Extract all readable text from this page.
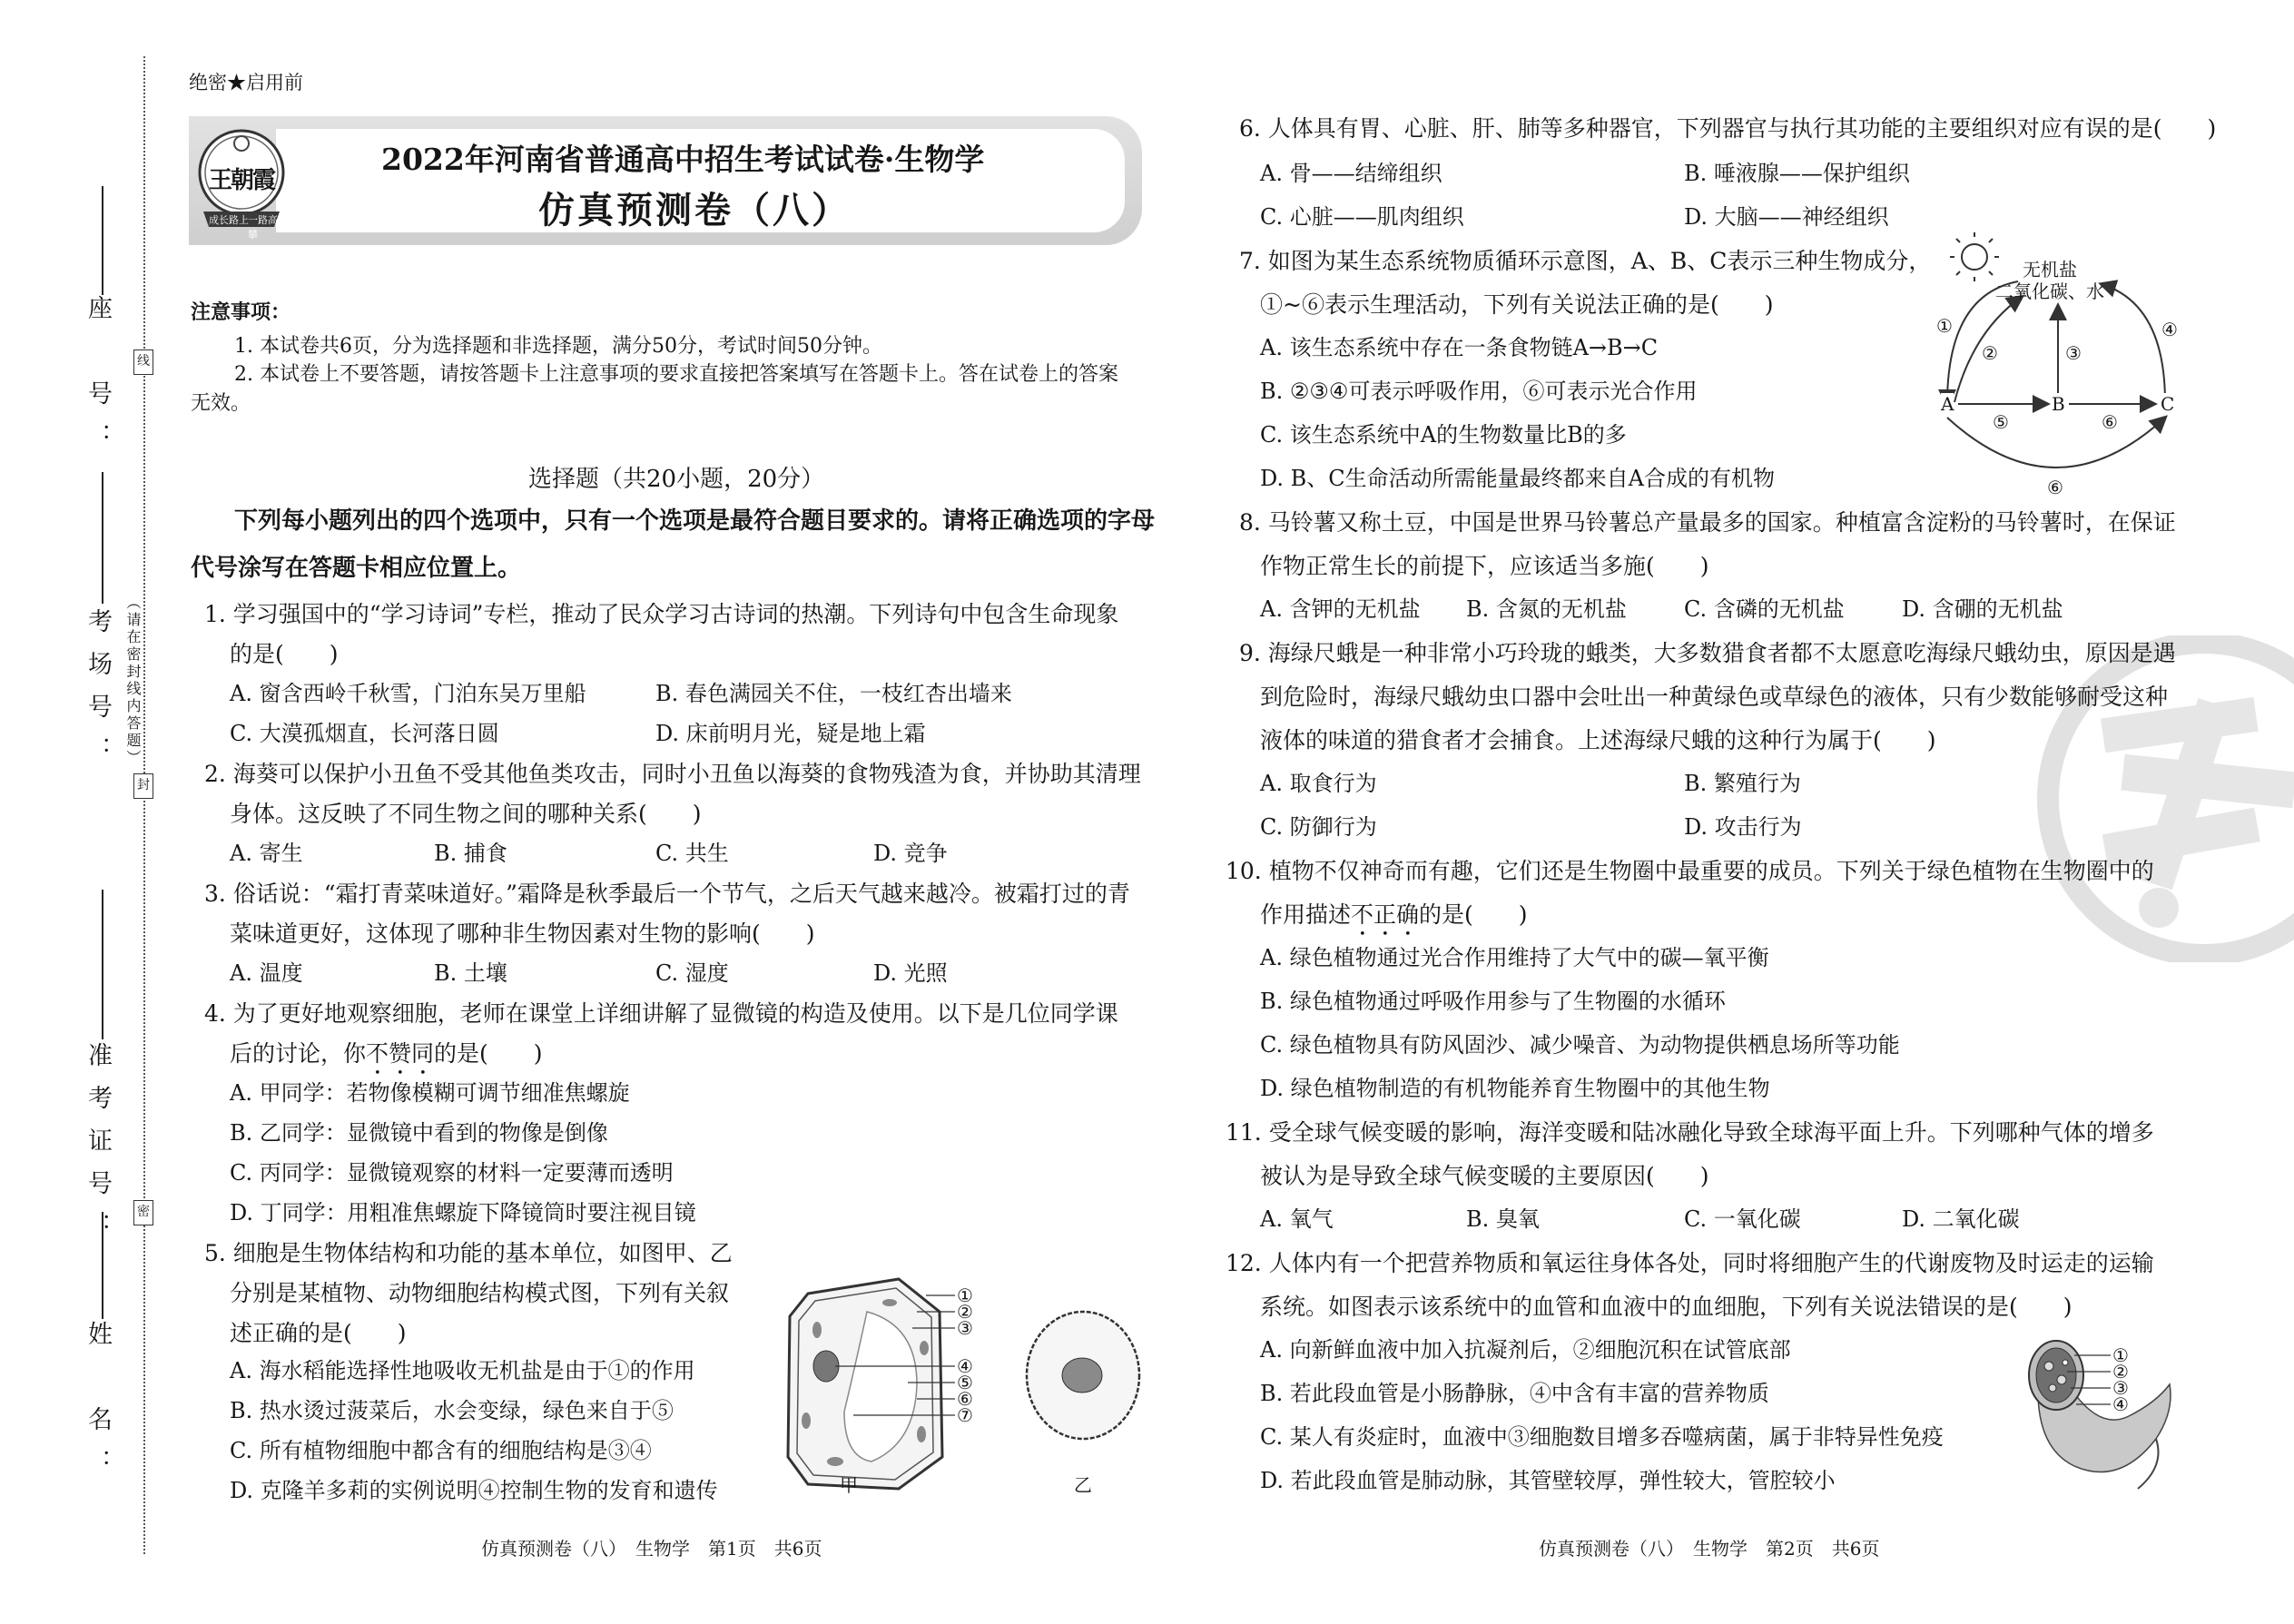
座　号：
考场号：
准考证号：
姓　名：
（请在密封线内答题）
线
封
密
绝密★启用前
王朝霞
成长路上 一路高攀
2022年河南省普通高中招生考试试卷·生物学
仿真预测卷（八）
注意事项：
1. 本试卷共6页，分为选择题和非选择题，满分50分，考试时间50分钟。
2. 本试卷上不要答题，请按答题卡上注意事项的要求直接把答案填写在答题卡上。答在试卷上的答案
无效。
选择题（共20小题，20分）
下列每小题列出的四个选项中，只有一个选项是最符合题目要求的。请将正确选项的字母
代号涂写在答题卡相应位置上。
1. 学习强国中的“学习诗词”专栏，推动了民众学习古诗词的热潮。下列诗句中包含生命现象
的是(　　)
A. 窗含西岭千秋雪，门泊东吴万里船	B. 春色满园关不住，一枝红杏出墙来
C. 大漠孤烟直，长河落日圆	D. 床前明月光，疑是地上霜
2. 海葵可以保护小丑鱼不受其他鱼类攻击，同时小丑鱼以海葵的食物残渣为食，并协助其清理
身体。这反映了不同生物之间的哪种关系(　　)
A. 寄生	B. 捕食	C. 共生	D. 竞争
3. 俗话说：“霜打青菜味道好。”霜降是秋季最后一个节气，之后天气越来越冷。被霜打过的青
菜味道更好，这体现了哪种非生物因素对生物的影响(　　)
A. 温度	B. 土壤	C. 湿度	D. 光照
4. 为了更好地观察细胞，老师在课堂上详细讲解了显微镜的构造及使用。以下是几位同学课
后的讨论，你不赞同的是(　　)
A. 甲同学：若物像模糊可调节细准焦螺旋
B. 乙同学：显微镜中看到的物像是倒像
C. 丙同学：显微镜观察的材料一定要薄而透明
D. 丁同学：用粗准焦螺旋下降镜筒时要注视目镜
5. 细胞是生物体结构和功能的基本单位，如图甲、乙
分别是某植物、动物细胞结构模式图，下列有关叙
述正确的是(　　)
A. 海水稻能选择性地吸收无机盐是由于①的作用
B. 热水烫过菠菜后，水会变绿，绿色来自于⑤
C. 所有植物细胞中都含有的细胞结构是③④
D. 克隆羊多莉的实例说明④控制生物的发育和遗传
①
②
③
④
⑤
⑥
⑦
甲	乙
仿真预测卷（八）　生物学　第1页　共6页
6. 人体具有胃、心脏、肝、肺等多种器官，下列器官与执行其功能的主要组织对应有误的是(　　)
A. 骨——结缔组织	B. 唾液腺——保护组织
C. 心脏——肌肉组织	D. 大脑——神经组织
7. 如图为某生态系统物质循环示意图，A、B、C表示三种生物成分，
①~⑥表示生理活动，下列有关说法正确的是(　　)
A. 该生态系统中存在一条食物链A→B→C
B. ②③④可表示呼吸作用，⑥可表示光合作用
C. 该生态系统中A的生物数量比B的多
D. B、C生命活动所需能量最终都来自A合成的有机物
无机盐
二氧化碳、水
A	B	C
①
②	③
④
⑤	⑥
⑥
8. 马铃薯又称土豆，中国是世界马铃薯总产量最多的国家。种植富含淀粉的马铃薯时，在保证
作物正常生长的前提下，应该适当多施(　　)
A. 含钾的无机盐 B. 含氮的无机盐	C. 含磷的无机盐	D. 含硼的无机盐
9. 海绿尺蛾是一种非常小巧玲珑的蛾类，大多数猎食者都不太愿意吃海绿尺蛾幼虫，原因是遇
到危险时，海绿尺蛾幼虫口器中会吐出一种黄绿色或草绿色的液体，只有少数能够耐受这种
液体的味道的猎食者才会捕食。上述海绿尺蛾的这种行为属于(　　)
A. 取食行为	B. 繁殖行为
C. 防御行为	D. 攻击行为
10. 植物不仅神奇而有趣，它们还是生物圈中最重要的成员。下列关于绿色植物在生物圈中的
作用描述不正确的是(　　)
A. 绿色植物通过光合作用维持了大气中的碳—氧平衡
B. 绿色植物通过呼吸作用参与了生物圈的水循环
C. 绿色植物具有防风固沙、减少噪音、为动物提供栖息场所等功能
D. 绿色植物制造的有机物能养育生物圈中的其他生物
11. 受全球气候变暖的影响，海洋变暖和陆冰融化导致全球海平面上升。下列哪种气体的增多
被认为是导致全球气候变暖的主要原因(　　)
A. 氧气	B. 臭氧	C. 一氧化碳	D. 二氧化碳
12. 人体内有一个把营养物质和氧运往身体各处，同时将细胞产生的代谢废物及时运走的运输
系统。如图表示该系统中的血管和血液中的血细胞，下列有关说法错误的是(　　)
A. 向新鲜血液中加入抗凝剂后，②细胞沉积在试管底部
B. 若此段血管是小肠静脉，④中含有丰富的营养物质
C. 某人有炎症时，血液中③细胞数目增多吞噬病菌，属于非特异性免疫
D. 若此段血管是肺动脉，其管壁较厚，弹性较大，管腔较小
①
②
③
④
仿真预测卷（八）　生物学　第2页　共6页
